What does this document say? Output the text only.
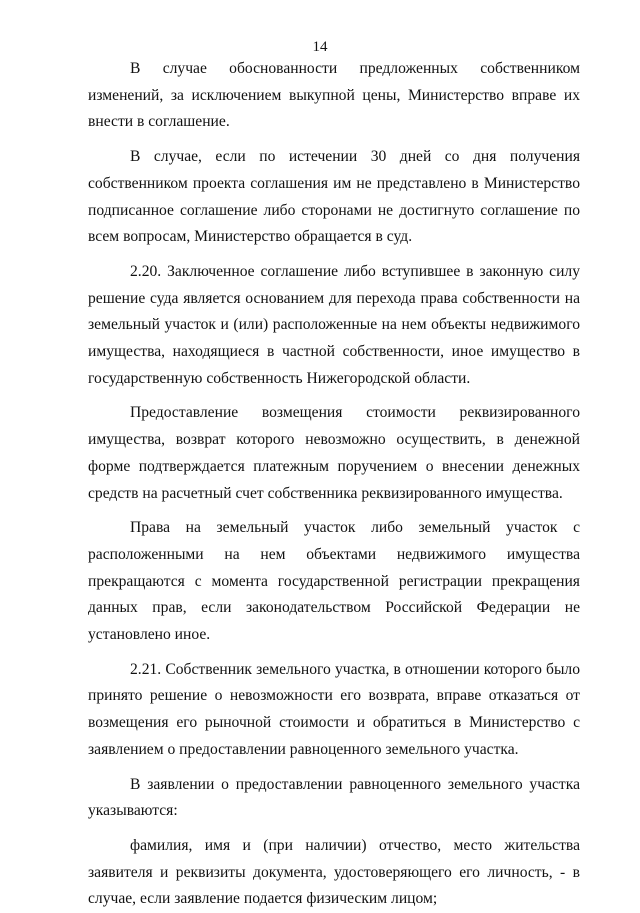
14

В случае обоснованности предложенных собственником изменений, за исключением выкупной цены, Министерство вправе их внести в соглашение.

В случае, если по истечении 30 дней со дня получения собственником проекта соглашения им не представлено в Министерство подписанное соглашение либо сторонами не достигнуто соглашение по всем вопросам, Министерство обращается в суд.

2.20. Заключенное соглашение либо вступившее в законную силу решение суда является основанием для перехода права собственности на земельный участок и (или) расположенные на нем объекты недвижимого имущества, находящиеся в частной собственности, иное имущество в государственную собственность Нижегородской области.

Предоставление возмещения стоимости реквизированного имущества, возврат которого невозможно осуществить, в денежной форме подтверждается платежным поручением о внесении денежных средств на расчетный счет собственника реквизированного имущества.

Права на земельный участок либо земельный участок с расположенными на нем объектами недвижимого имущества прекращаются с момента государственной регистрации прекращения данных прав, если законодательством Российской Федерации не установлено иное.

2.21. Собственник земельного участка, в отношении которого было принято решение о невозможности его возврата, вправе отказаться от возмещения его рыночной стоимости и обратиться в Министерство с заявлением о предоставлении равноценного земельного участка.

В заявлении о предоставлении равноценного земельного участка указываются:

фамилия, имя и (при наличии) отчество, место жительства заявителя и реквизиты документа, удостоверяющего его личность, - в случае, если заявление подается физическим лицом;
